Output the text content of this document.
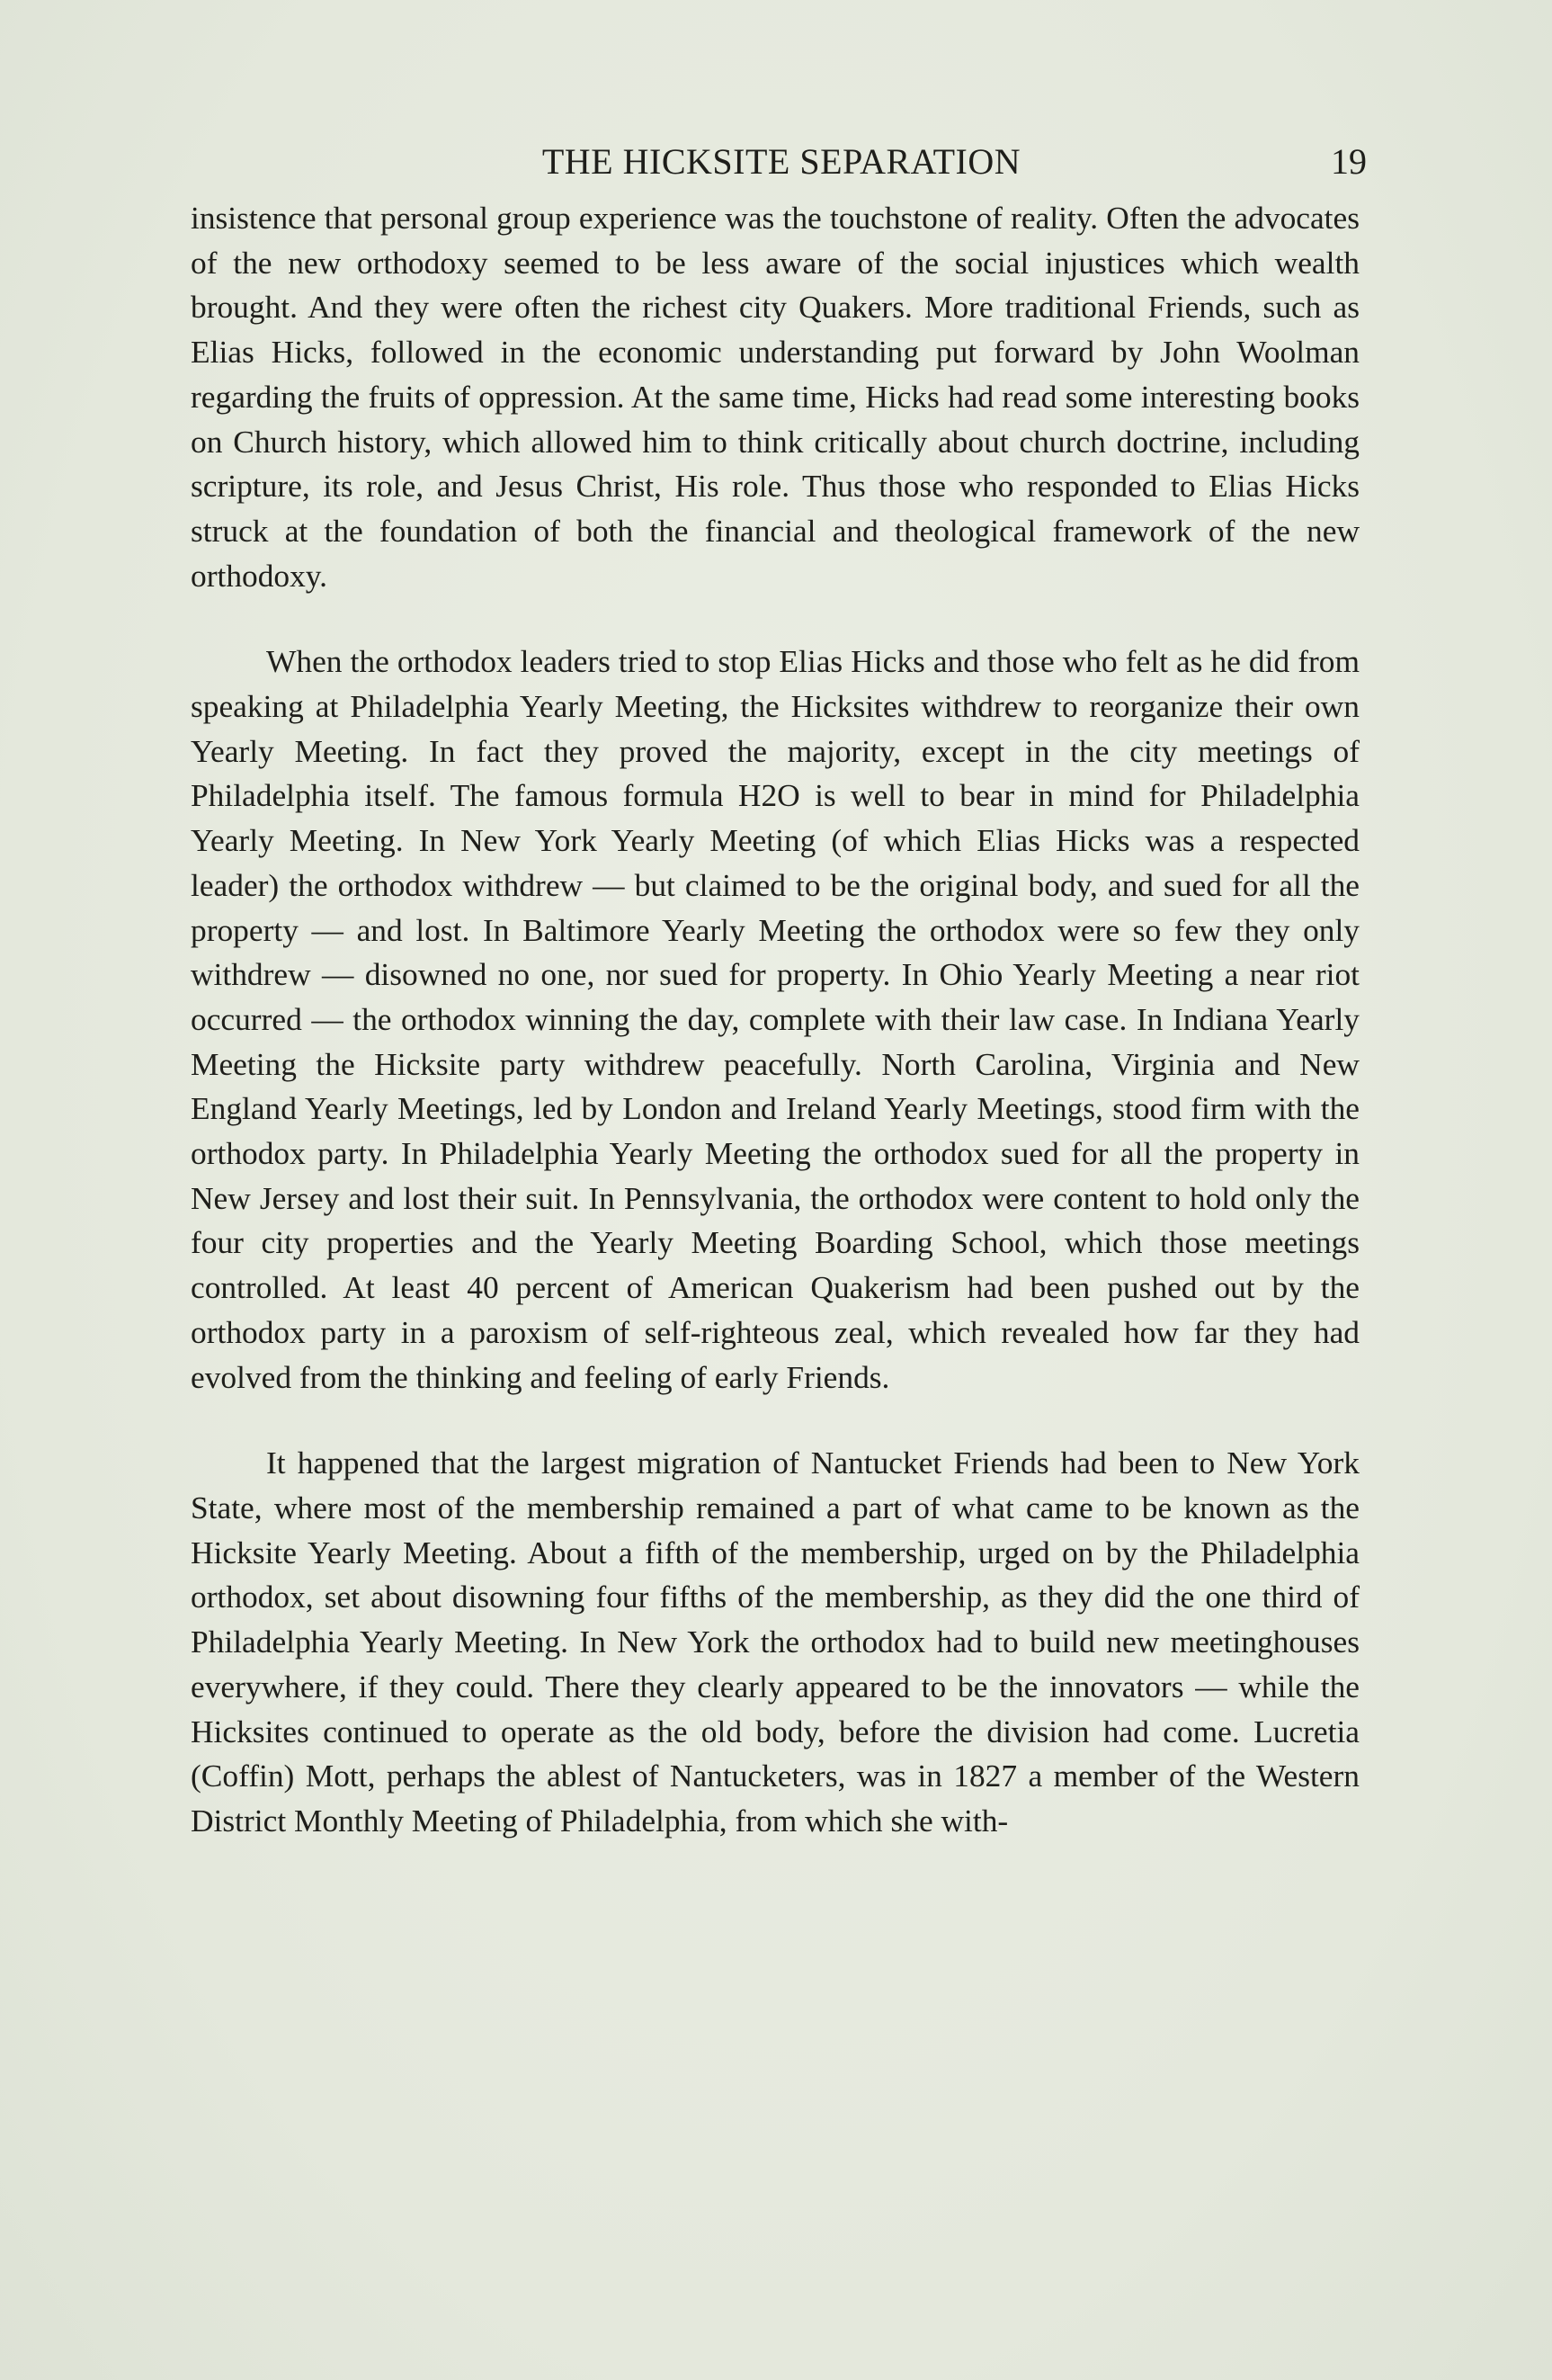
THE HICKSITE SEPARATION	19

insistence that personal group experience was the touchstone of reality. Often the advocates of the new orthodoxy seemed to be less aware of the social injustices which wealth brought. And they were often the richest city Quakers. More traditional Friends, such as Elias Hicks, followed in the economic understanding put forward by John Woolman regarding the fruits of oppression. At the same time, Hicks had read some interesting books on Church history, which allowed him to think critically about church doctrine, including scripture, its role, and Jesus Christ, His role. Thus those who responded to Elias Hicks struck at the foundation of both the financial and theological framework of the new orthodoxy.

When the orthodox leaders tried to stop Elias Hicks and those who felt as he did from speaking at Philadelphia Yearly Meeting, the Hicksites withdrew to reorganize their own Yearly Meeting. In fact they proved the majority, except in the city meetings of Philadelphia itself. The famous formula H2O is well to bear in mind for Philadelphia Yearly Meeting. In New York Yearly Meeting (of which Elias Hicks was a respected leader) the orthodox withdrew — but claimed to be the original body, and sued for all the property — and lost. In Baltimore Yearly Meeting the orthodox were so few they only withdrew — disowned no one, nor sued for property. In Ohio Yearly Meeting a near riot occurred — the orthodox winning the day, complete with their law case. In Indiana Yearly Meeting the Hicksite party withdrew peacefully. North Carolina, Virginia and New England Yearly Meetings, led by London and Ireland Yearly Meetings, stood firm with the orthodox party. In Philadelphia Yearly Meeting the orthodox sued for all the property in New Jersey and lost their suit. In Pennsylvania, the orthodox were content to hold only the four city properties and the Yearly Meeting Boarding School, which those meetings controlled. At least 40 percent of American Quakerism had been pushed out by the orthodox party in a paroxism of self-righteous zeal, which revealed how far they had evolved from the thinking and feeling of early Friends.

It happened that the largest migration of Nantucket Friends had been to New York State, where most of the membership remained a part of what came to be known as the Hicksite Yearly Meeting. About a fifth of the membership, urged on by the Philadelphia orthodox, set about disowning four fifths of the membership, as they did the one third of Philadelphia Yearly Meeting. In New York the orthodox had to build new meetinghouses everywhere, if they could. There they clearly appeared to be the innovators — while the Hicksites continued to operate as the old body, before the division had come. Lucretia (Coffin) Mott, perhaps the ablest of Nantucketers, was in 1827 a member of the Western District Monthly Meeting of Philadelphia, from which she with-
